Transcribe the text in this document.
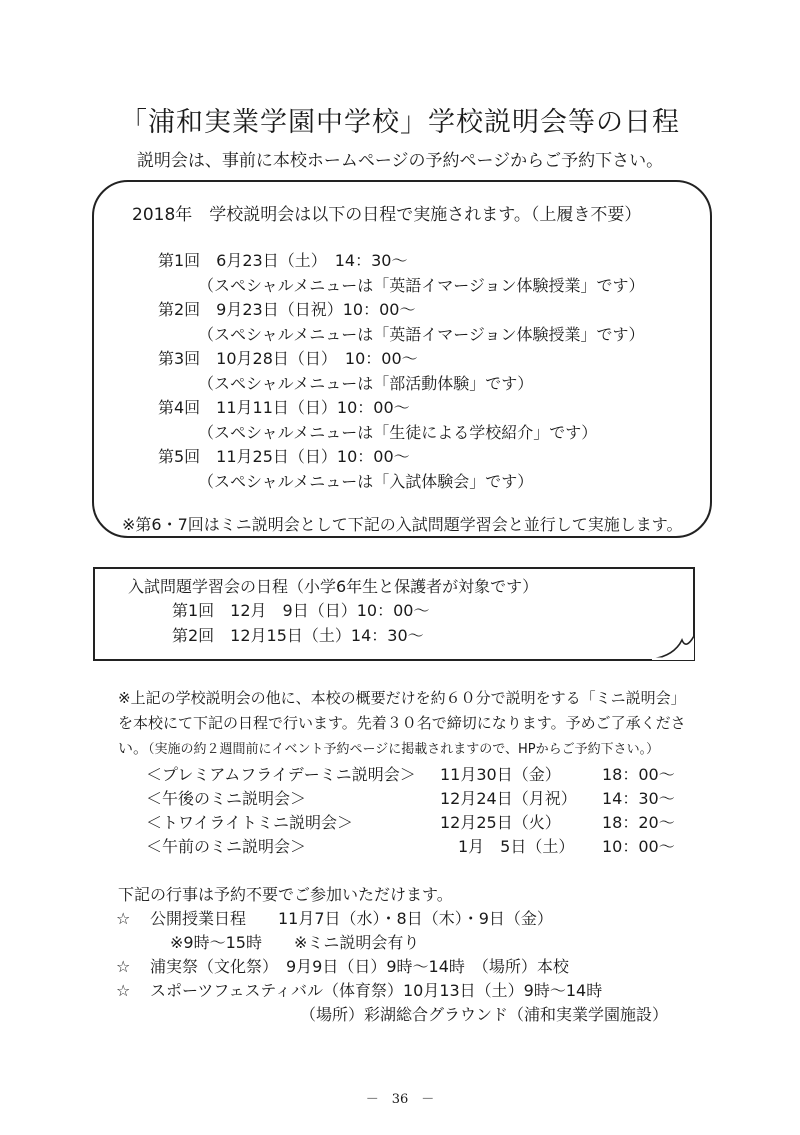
「浦和実業学園中学校」学校説明会等の日程
説明会は、事前に本校ホームページの予約ページからご予約下さい。
2018年　学校説明会は以下の日程で実施されます。（上履き不要）
第1回　6月23日（土）　14：30～
（スペシャルメニューは「英語イマージョン体験授業」です）
第2回　9月23日（日祝）10：00～
（スペシャルメニューは「英語イマージョン体験授業」です）
第3回　10月28日（日）　10：00～
（スペシャルメニューは「部活動体験」です）
第4回　11月11日（日）10：00～
（スペシャルメニューは「生徒による学校紹介」です）
第5回　11月25日（日）10：00～
（スペシャルメニューは「入試体験会」です）
※第6・7回はミニ説明会として下記の入試問題学習会と並行して実施します。
入試問題学習会の日程（小学6年生と保護者が対象です）
第1回　12月　9日（日）10：00～
第2回　12月15日（土）14：30～
※上記の学校説明会の他に、本校の概要だけを約６０分で説明をする「ミニ説明会」
を本校にて下記の日程で行います。先着３０名で締切になります。予めご了承くださ
い。（実施の約２週間前にイベント予約ページに掲載されますので、HPからご予約下さい。）
＜プレミアムフライデーミニ説明会＞ 11月30日（金）	18：00～
＜午後のミニ説明会＞	12月24日（月祝） 14：30～
＜トワイライトミニ説明会＞	12月25日（火）	18：20～
＜午前のミニ説明会＞	1月　5日（土） 10：00～
下記の行事は予約不要でご参加いただけます。
☆ 公開授業日程　　11月7日（水）・8日（木）・9日（金）
※9時～15時　　※ミニ説明会有り
☆ 浦実祭（文化祭）　9月9日（日）9時～14時　（場所）本校
☆ スポーツフェスティバル（体育祭）10月13日（土）9時～14時
（場所）彩湖総合グラウンド（浦和実業学園施設）
－　36　－
